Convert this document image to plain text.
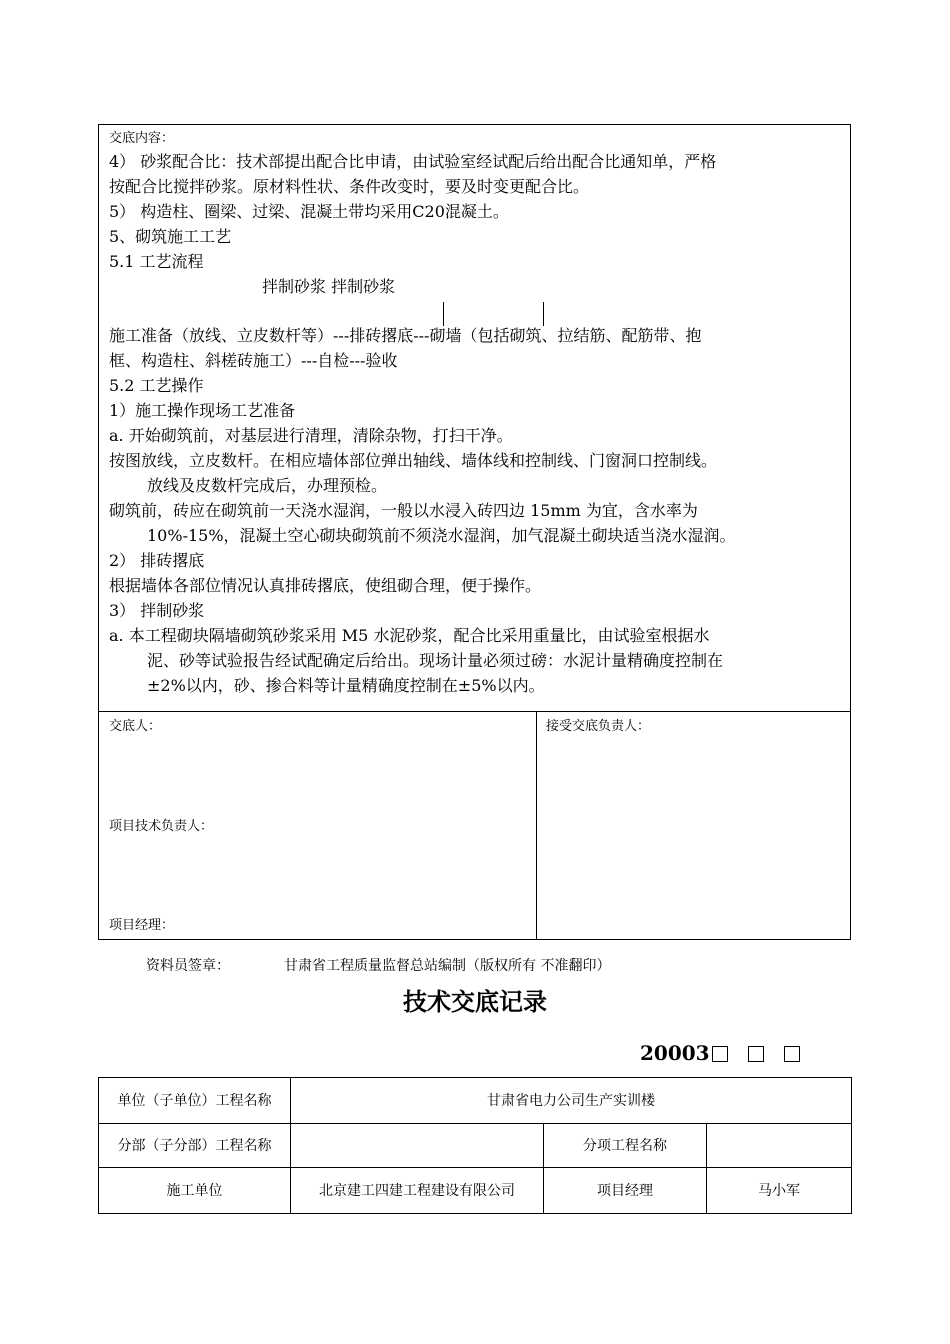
交底内容：
4） 砂浆配合比：技术部提出配合比申请，由试验室经试配后给出配合比通知单，严格
按配合比搅拌砂浆。原材料性状、条件改变时，要及时变更配合比。
5） 构造柱、圈梁、过梁、混凝土带均采用C20混凝土。
5、砌筑施工工艺
5.1 工艺流程
拌制砂浆 拌制砂浆
施工准备（放线、立皮数杆等）---排砖撂底---砌墙（包括砌筑、拉结筋、配筋带、抱
框、构造柱、斜槎砖施工）---自检---验收
5.2 工艺操作
1）施工操作现场工艺准备
a. 开始砌筑前，对基层进行清理，清除杂物，打扫干净。
按图放线，立皮数杆。在相应墙体部位弹出轴线、墙体线和控制线、门窗洞口控制线。
放线及皮数杆完成后，办理预检。
砌筑前，砖应在砌筑前一天浇水湿润，一般以水浸入砖四边 15mm 为宜，含水率为
10%-15%，混凝土空心砌块砌筑前不须浇水湿润，加气混凝土砌块适当浇水湿润。
2） 排砖撂底
根据墙体各部位情况认真排砖撂底，使组砌合理，便于操作。
3） 拌制砂浆
a. 本工程砌块隔墙砌筑砂浆采用 M5 水泥砂浆，配合比采用重量比，由试验室根据水
泥、砂等试验报告经试配确定后给出。现场计量必须过磅：水泥计量精确度控制在
±2%以内，砂、掺合料等计量精确度控制在±5%以内。
交底人：
项目技术负责人：
项目经理：
接受交底负责人：
资料员签章：	甘肃省工程质量监督总站编制（版权所有 不准翻印）
技术交底记录
20003
单位（子单位）工程名称	甘肃省电力公司生产实训楼		
分部（子分部）工程名称		分项工程名称	
施工单位	北京建工四建工程建设有限公司	项目经理	马小军
